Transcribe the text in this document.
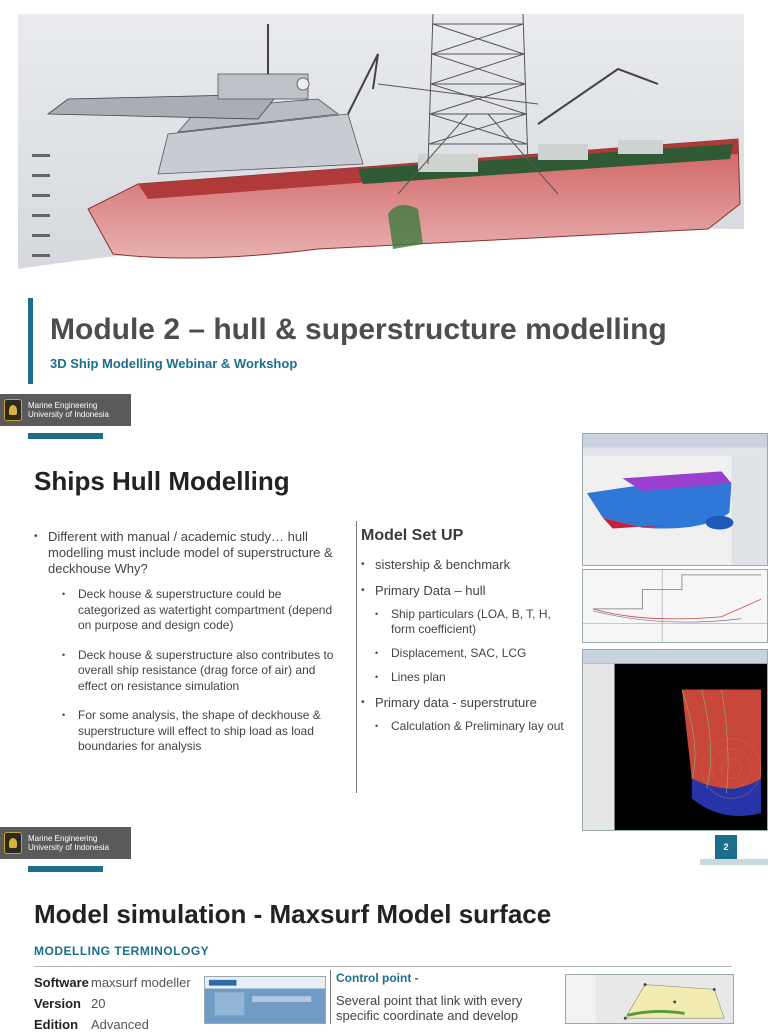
Module 2 – hull & superstructure modelling
3D Ship Modelling Webinar & Workshop
Marine Engineering
University of Indonesia
Ships Hull Modelling
• Different with manual / academic study… hull modelling must include model of superstructure & deckhouse Why?
• Deck house & superstructure could be categorized as watertight compartment (depend on purpose and design code)
• Deck house & superstructure also contributes to overall ship resistance (drag force of air) and effect on resistance simulation
• For some analysis, the shape of deckhouse & superstructure will effect to ship load as load boundaries for analysis
Model Set UP
• sistership & benchmark
• Primary Data – hull
• Ship particulars (LOA, B, T, H, form coefficient)
• Displacement, SAC, LCG
• Lines plan
• Primary data - superstruture
• Calculation & Preliminary lay out
Marine Engineering
University of Indonesia	2
Model simulation - Maxsurf Model surface
MODELLING TERMINOLOGY
Software maxsurf modeller
Version 20
Edition Advanced
Control point -
Several point that link with every specific coordinate and develop
